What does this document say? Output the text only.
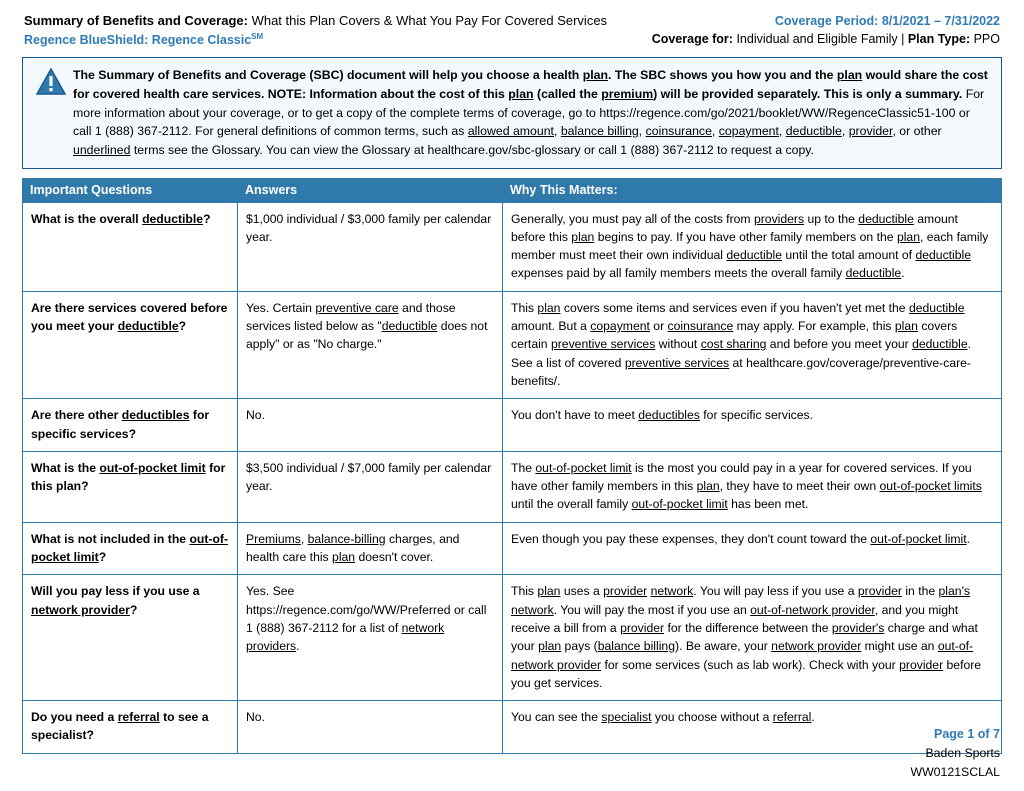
Summary of Benefits and Coverage: What this Plan Covers & What You Pay For Covered Services
Regence BlueShield: Regence Classic℠
Coverage Period: 8/1/2021 – 7/31/2022
Coverage for: Individual and Eligible Family | Plan Type: PPO
The Summary of Benefits and Coverage (SBC) document will help you choose a health plan. The SBC shows you how you and the plan would share the cost for covered health care services. NOTE: Information about the cost of this plan (called the premium) will be provided separately. This is only a summary. For more information about your coverage, or to get a copy of the complete terms of coverage, go to https://regence.com/go/2021/booklet/WW/RegenceClassic51-100 or call 1 (888) 367-2112. For general definitions of common terms, such as allowed amount, balance billing, coinsurance, copayment, deductible, provider, or other underlined terms see the Glossary. You can view the Glossary at healthcare.gov/sbc-glossary or call 1 (888) 367-2112 to request a copy.
Important Questions	Answers	Why This Matters:
What is the overall deductible?	$1,000 individual / $3,000 family per calendar year.	Generally, you must pay all of the costs from providers up to the deductible amount before this plan begins to pay. If you have other family members on the plan, each family member must meet their own individual deductible until the total amount of deductible expenses paid by all family members meets the overall family deductible.
Are there services covered before you meet your deductible?	Yes. Certain preventive care and those services listed below as "deductible does not apply" or as "No charge."	This plan covers some items and services even if you haven't yet met the deductible amount. But a copayment or coinsurance may apply. For example, this plan covers certain preventive services without cost sharing and before you meet your deductible. See a list of covered preventive services at healthcare.gov/coverage/preventive-care-benefits/.
Are there other deductibles for specific services?	No.	You don't have to meet deductibles for specific services.
What is the out-of-pocket limit for this plan?	$3,500 individual / $7,000 family per calendar year.	The out-of-pocket limit is the most you could pay in a year for covered services. If you have other family members in this plan, they have to meet their own out-of-pocket limits until the overall family out-of-pocket limit has been met.
What is not included in the out-of-pocket limit?	Premiums, balance-billing charges, and health care this plan doesn't cover.	Even though you pay these expenses, they don't count toward the out-of-pocket limit.
Will you pay less if you use a network provider?	Yes. See https://regence.com/go/WW/Preferred or call 1 (888) 367-2112 for a list of network providers.	This plan uses a provider network. You will pay less if you use a provider in the plan's network. You will pay the most if you use an out-of-network provider, and you might receive a bill from a provider for the difference between the provider's charge and what your plan pays (balance billing). Be aware, your network provider might use an out-of-network provider for some services (such as lab work). Check with your provider before you get services.
Do you need a referral to see a specialist?	No.	You can see the specialist you choose without a referral.
Page 1 of 7
Baden Sports
WW0121SCLAL
